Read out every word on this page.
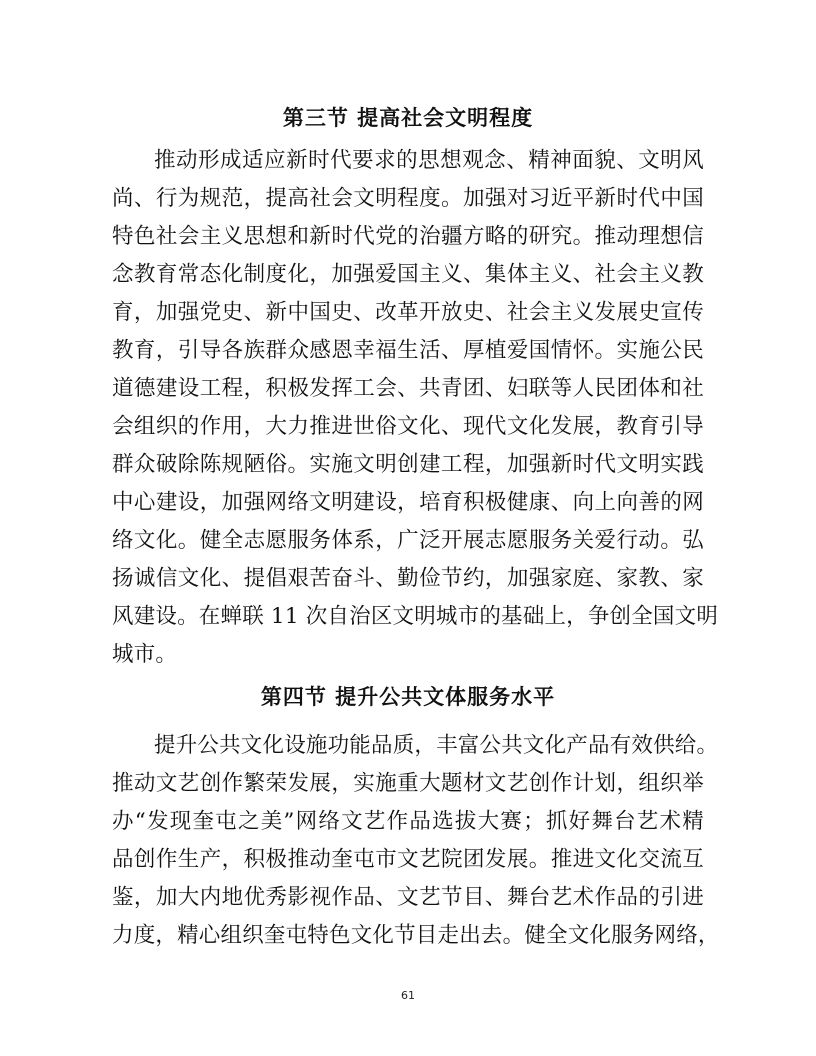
第三节 提高社会文明程度
推动形成适应新时代要求的思想观念、精神面貌、文明风
尚、行为规范，提高社会文明程度。加强对习近平新时代中国
特色社会主义思想和新时代党的治疆方略的研究。推动理想信
念教育常态化制度化，加强爱国主义、集体主义、社会主义教
育，加强党史、新中国史、改革开放史、社会主义发展史宣传
教育，引导各族群众感恩幸福生活、厚植爱国情怀。实施公民
道德建设工程，积极发挥工会、共青团、妇联等人民团体和社
会组织的作用，大力推进世俗文化、现代文化发展，教育引导
群众破除陈规陋俗。实施文明创建工程，加强新时代文明实践
中心建设，加强网络文明建设，培育积极健康、向上向善的网
络文化。健全志愿服务体系，广泛开展志愿服务关爱行动。弘
扬诚信文化、提倡艰苦奋斗、勤俭节约，加强家庭、家教、家
风建设。在蝉联 11 次自治区文明城市的基础上，争创全国文明
城市。
第四节 提升公共文体服务水平
提升公共文化设施功能品质，丰富公共文化产品有效供给。
推动文艺创作繁荣发展，实施重大题材文艺创作计划，组织举
办“发现奎屯之美”网络文艺作品选拔大赛；抓好舞台艺术精
品创作生产，积极推动奎屯市文艺院团发展。推进文化交流互
鉴，加大内地优秀影视作品、文艺节目、舞台艺术作品的引进
力度，精心组织奎屯特色文化节目走出去。健全文化服务网络，
61
